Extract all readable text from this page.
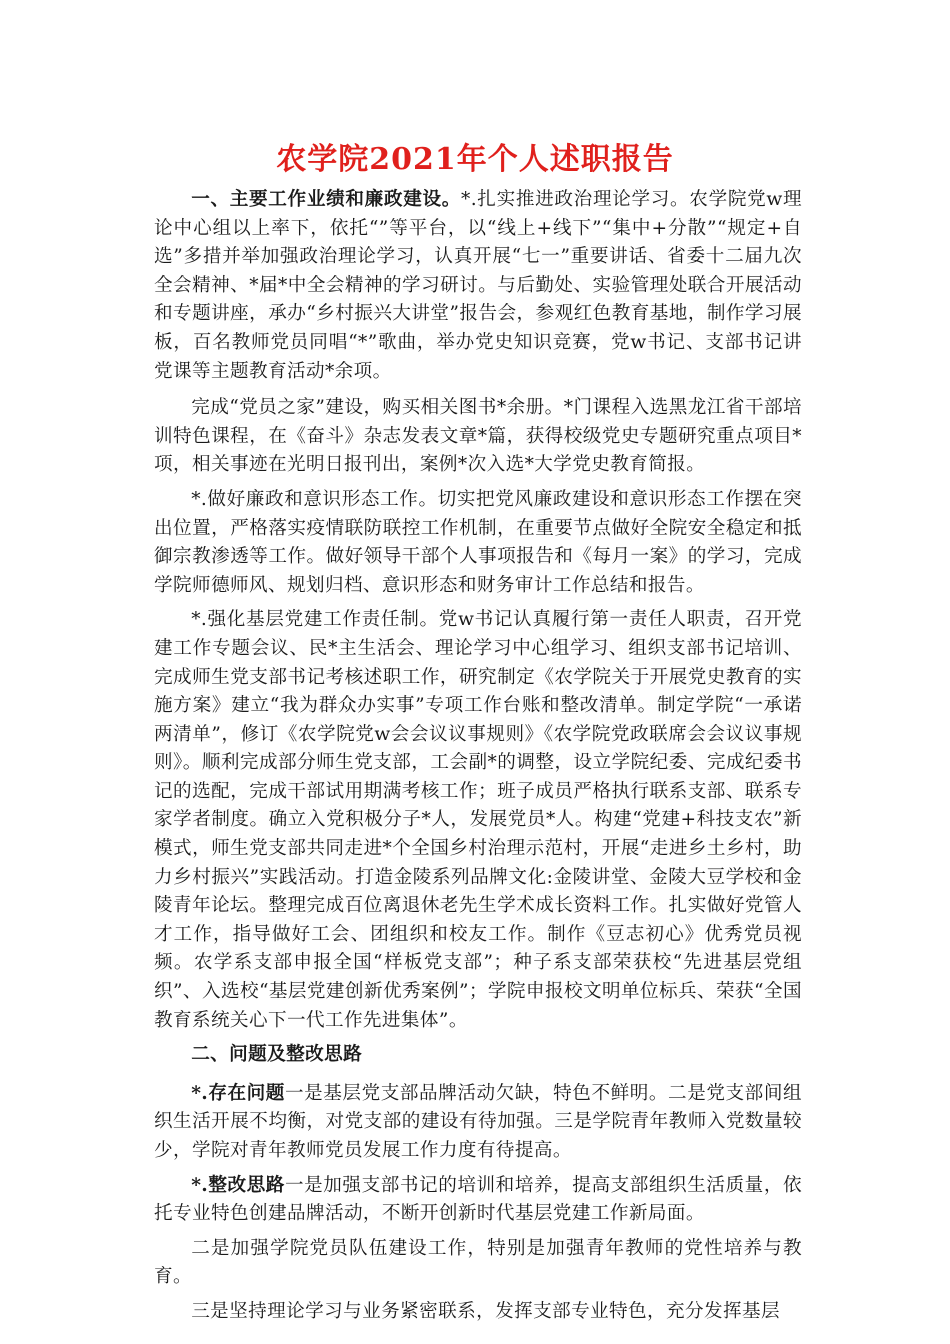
农学院2021年个人述职报告

一、主要工作业绩和廉政建设。*.扎实推进政治理论学习。农学院党w理论中心组以上率下，依托“”等平台，以“线上+线下”“集中+分散”“规定+自选”多措并举加强政治理论学习，认真开展“七一”重要讲话、省委十二届九次全会精神、*届*中全会精神的学习研讨。与后勤处、实验管理处联合开展活动和专题讲座，承办“乡村振兴大讲堂”报告会，参观红色教育基地，制作学习展板，百名教师党员同唱“*”歌曲，举办党史知识竞赛，党w书记、支部书记讲党课等主题教育活动*余项。

完成“党员之家”建设，购买相关图书*余册。*门课程入选黑龙江省干部培训特色课程，在《奋斗》杂志发表文章*篇，获得校级党史专题研究重点项目*项，相关事迹在光明日报刊出，案例*次入选*大学党史教育简报。

*.做好廉政和意识形态工作。切实把党风廉政建设和意识形态工作摆在突出位置，严格落实疫情联防联控工作机制，在重要节点做好全院安全稳定和抵御宗教渗透等工作。做好领导干部个人事项报告和《每月一案》的学习，完成学院师德师风、规划归档、意识形态和财务审计工作总结和报告。

*.强化基层党建工作责任制。党w书记认真履行第一责任人职责，召开党建工作专题会议、民*主生活会、理论学习中心组学习、组织支部书记培训、完成师生党支部书记考核述职工作，研究制定《农学院关于开展党史教育的实施方案》建立“我为群众办实事”专项工作台账和整改清单。制定学院“一承诺两清单”，修订《农学院党w会会议议事规则》《农学院党政联席会会议议事规则》。顺利完成部分师生党支部，工会副*的调整，设立学院纪委、完成纪委书记的选配，完成干部试用期满考核工作；班子成员严格执行联系支部、联系专家学者制度。确立入党积极分子*人，发展党员*人。构建“党建+科技支农”新模式，师生党支部共同走进*个全国乡村治理示范村，开展“走进乡土乡村，助力乡村振兴”实践活动。打造金陵系列品牌文化:金陵讲堂、金陵大豆学校和金陵青年论坛。整理完成百位离退休老先生学术成长资料工作。扎实做好党管人才工作，指导做好工会、团组织和校友工作。制作《豆志初心》优秀党员视频。农学系支部申报全国“样板党支部”；种子系支部荣获校“先进基层党组织”、入选校“基层党建创新优秀案例”；学院申报校文明单位标兵、荣获“全国教育系统关心下一代工作先进集体”。

二、问题及整改思路

*.存在问题一是基层党支部品牌活动欠缺，特色不鲜明。二是党支部间组织生活开展不均衡，对党支部的建设有待加强。三是学院青年教师入党数量较少，学院对青年教师党员发展工作力度有待提高。

*.整改思路一是加强支部书记的培训和培养，提高支部组织生活质量，依托专业特色创建品牌活动，不断开创新时代基层党建工作新局面。

二是加强学院党员队伍建设工作，特别是加强青年教师的党性培养与教育。

三是坚持理论学习与业务紧密联系，发挥支部专业特色，充分发挥基层
